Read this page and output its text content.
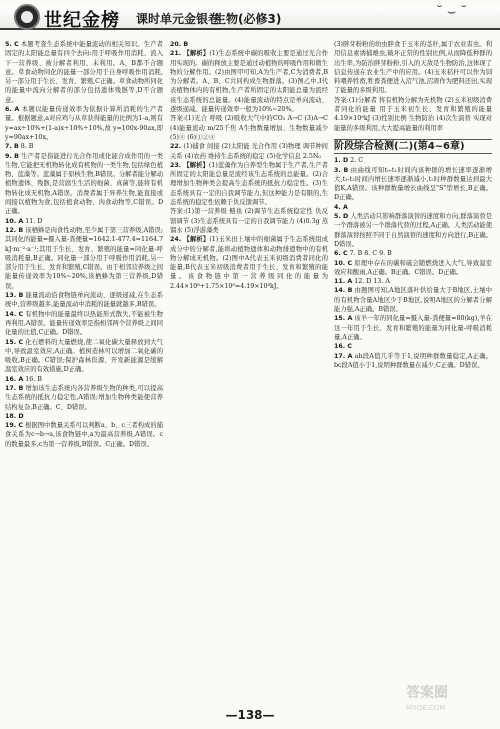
世纪金榜 课时单元金银卷
生物(必修3)	˘⌣˘

5. C 本题考查生态系统中能量流动的相关知识。生产者固定的太阳能总量有四个去向:用于呼吸作用消耗、流入下一营养级、被分解者利用、未利用。A、B都不合题意。草食动物同化的能量一部分用于自身呼吸作用消耗,另一部分用于生长、发育、繁殖,C正确。草食动物所同化的能量中流向分解者的部分包括遗体残骸等,D不合题意。

6. A 本题以能量传递效率为依据计算所消耗的生产者量。根据题意,a对应鸡与从草获得能量的比例为1-a,则有 y=ax÷10%+(1-a)x÷10%÷10%,故 y=100x-90ax,即 y=90ax+10x。

7. B 8. B

9. B 生产者是指能进行光合作用或化能合成作用的一类生物,它能把无机物转化成有机物的一类生物,包括绿色植物、蓝藻等。蓝藻属于原核生物,B错误。分解者能分解动植物遗体、残骸,是营腐生生活的细菌、真菌等,能将有机物转化成无机物,A错误。消费者属于异养生物,能直接或间接以植物为食,包括植食动物、肉食动物等,C错误。D正确。

10. A 11. D

12. B 该栖蜂是肉食性动物,至少属于第三营养级,A错误;其同化的能量=摄入量-粪便量=1642.1-477.4=1164.7 kJ·m⁻²·a⁻¹;其用于生长、发育、繁殖的能量=同化量-呼吸消耗量,B正确。同化量一部分用于呼吸作用消耗,另一部分用于生长、发育和繁殖,C错误。由于相邻营养级之间能量传递效率为10%~20%,该栖蜂为第三营养级,D错误。

13. B 能量流动沿食物链单向流动、逐级递减,在生态系统中,营养级越多,能量流动中消耗的能量就越多,B错误。

14. C 有机物中的能量最终以热能形式散失,不能被生物再利用,A错误。能量传递效率是指相邻两个营养级之间同化量的比值,C正确。D错误。

15. C 化石燃料的大量燃烧,使二氧化碳大量释放到大气中,导致温室效应,A正确。植树造林可以增加二氧化碳的吸收,B正确。C错误;保护森林资源、开发新能源是缓解温室效应的有效措施,D正确。

16. A 16. B

17. B 增加该生态系统内各营养级生物的种类,可以提高生态系统的抵抗力稳定性,A错误;增加生物种类能使营养结构复杂,B正确。C、D错误。

18. D

19. C 根据图中数量关系可以判断a、b、c三者构成的捕食关系为c→b→a,该食物链中,a为最高营养级,A错误。c的数量最多,c为第一营养级,B错误。C正确。D错误。

20. B

21. 【解析】(1)生态系统中碳的吸收主要是通过光合作用实现的。碳的释放主要是通过动植物的呼吸作用和微生物的分解作用。(2)由图甲可知,A为生产者,C为消费者,B为分解者。A、B、C共同构成生物群落。(3)图乙中,Ⅰ代表植物体内的有机物,生产者所固定的太阳能总量为流经该生态系统的总能量。(4)能量流动的特点是单向流动、逐级递减。能量传递效率一般为10%~20%。

答案:(1)光合 呼吸 (2)吸收大气中的CO₂ A→C (3)A→C (4)能量流动 m/25千焦 A生物数量增加、生物数量减少 (5)④ (6)①②④

22. (1)捕食 间接 (2)太阳能 光合作用 (3)物理 调节种间关系 (4)农药 维持生态系统的稳定 (5)化学信息 2.5N₀

23. 【解析】(1)蓝藻作为自养型生物属于生产者,生产者所固定的太阳能总量是流经该生态系统的总能量。(2)合理增加生物种类会提高生态系统的抵抗力稳定性。(3)生态系统具有一定的自我调节能力,但这种能力是有限的,生态系统的稳定性依赖于负反馈调节。

答案:(1)第一营养级 鲢鱼 (2)调节生态系统稳定性 负反馈调节 (3)生态系统具有一定的自我调节能力 (4)0.3g 蒸馏水 (5)浮游藻类

24. 【解析】(1)玉米田上壤中的细菌属于生态系统组成成分中的分解者,能将动植物遗体和动物排遗物中的有机物分解成无机物。(2)图中A代表玉米初级消费者同化的能量,B代表玉米初级消费者用于生长、发育和繁殖的能量。该食物链中第一营养级同化的能量为2.44×10⁸+1.75×10⁸=4.19×10⁸kJ。

(3)胖芽粉粉的幼虫胖食于玉米的茎秆,属于农业害虫。利用信息素诱捕雄虫,破坏正常的性别比例,从而降低种群的出生率,为防治胖芽粉粉,引入的天敌是生物防治,这体现了信息传递在农业生产中的应用。(4)玉米秸秆可以作为饲料喂养牲畜,牲畜粪便进入沼气池,沼渣作为肥料还田,实现了能量的多级利用。

答案:(1)分解者 将有机物分解为无机物 (2)玉米初级消费者同化的能量 用于玉米初生长、发育和繁殖的能量 4.19×10⁸kJ (3)性别比例 生物防治 (4)次生演替 实现对能量的多级利用,大大提高能量的利用率

阶段综合检测(二)(第4~6章)

1. D 2. C

3. B 由曲线可知t₀-t₁时间内该种群的增长速率逐渐增大,t₁-t₂时间内增长速率逐渐减小,t₂时种群数量达到最大值K,A错误。该种群数量增长曲线呈"S"型增长,B正确。D正确。

4. A

5. D 人类活动只影响群落演替的速度和方向,群落演替是一个群落被另一个群落代替的过程,A正确。人类活动能使群落演替按照不同于自然演替的速度和方向进行,B正确。D错误。

6. C 7. B 8. C 9. B

10. C 原理中存在的碳和硫会随燃烧进入大气,导致温室效应和酸雨,A正确。B正确。C错误。D正确。

11. A 12. D 13. A

14. B 由题图可知,A地区落叶供给量大于B地区,土壤中的有机物含量A地区少于B地区,说明A地区的分解者分解能力强,A正确。B错误。

15. A 该羊一年的同化量=摄入量-粪便量=80(kg),羊在这一年用于生长、发育和繁殖的能量为同化量-呼吸消耗量,A正确。

16. C

17. A ab段A值几乎等于1,说明种群数量稳定,A正确。bc段A值小于1,说明种群数量在减少,C正确。D错误。

—138—
答案圈
MXQE.COM
